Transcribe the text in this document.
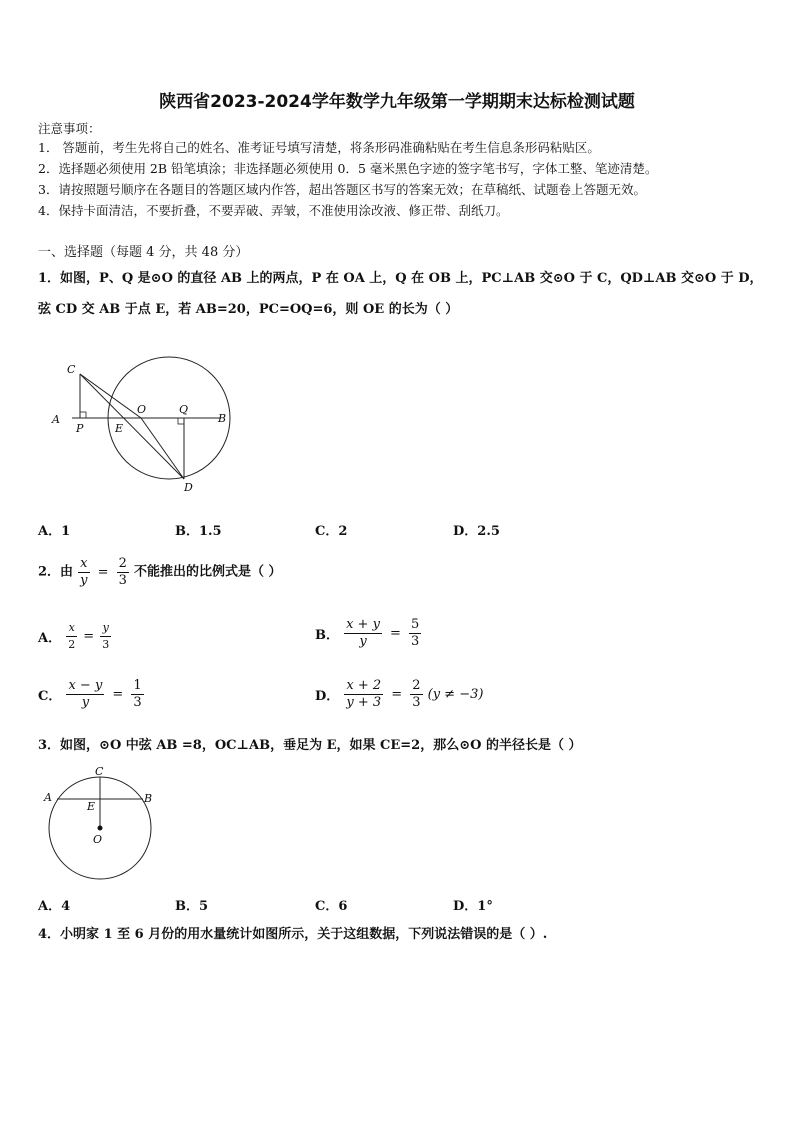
陕西省2023-2024学年数学九年级第一学期期末达标检测试题
注意事项：
1． 答题前，考生先将自己的姓名、准考证号填写清楚，将条形码准确粘贴在考生信息条形码粘贴区。
2．选择题必须使用 2B 铅笔填涂；非选择题必须使用 0．5 毫米黑色字迹的签字笔书写，字体工整、笔迹清楚。
3．请按照题号顺序在各题目的答题区域内作答，超出答题区书写的答案无效；在草稿纸、试题卷上答题无效。
4．保持卡面清洁，不要折叠，不要弄破、弄皱，不准使用涂改液、修正带、刮纸刀。
一、选择题（每题 4 分，共 48 分）
1．如图，P、Q 是⊙O 的直径 AB 上的两点，P 在 OA 上，Q 在 OB 上，PC⊥AB 交⊙O 于 C，QD⊥AB 交⊙O 于 D，
弦 CD 交 AB 于点 E，若 AB=20，PC=OQ=6，则 OE 的长为（ ）
C
A
P	E
O	Q
B
D
A．1	B．1.5	C．2	D．2.5
2．由 $\frac{x}{y} = \frac{2}{3}$ 不能推出的比例式是（ ）
A． $\frac{x}{2} = \frac{y}{3}$	B． $\frac{x + y}{y} = \frac{5}{3}$
C． $\frac{x - y}{y} = \frac{1}{3}$	D． $\frac{x + 2}{y + 3} = \frac{2}{3} (y \ne -3)$
3．如图，⊙O 中弦 AB =8，OC⊥AB，垂足为 E，如果 CE=2，那么⊙O 的半径长是（ ）
C
A
E
B
O
A．4	B．5	C．6	D．1°
4．小明家 1 至 6 月份的用水量统计如图所示，关于这组数据，下列说法错误的是（ ）.
